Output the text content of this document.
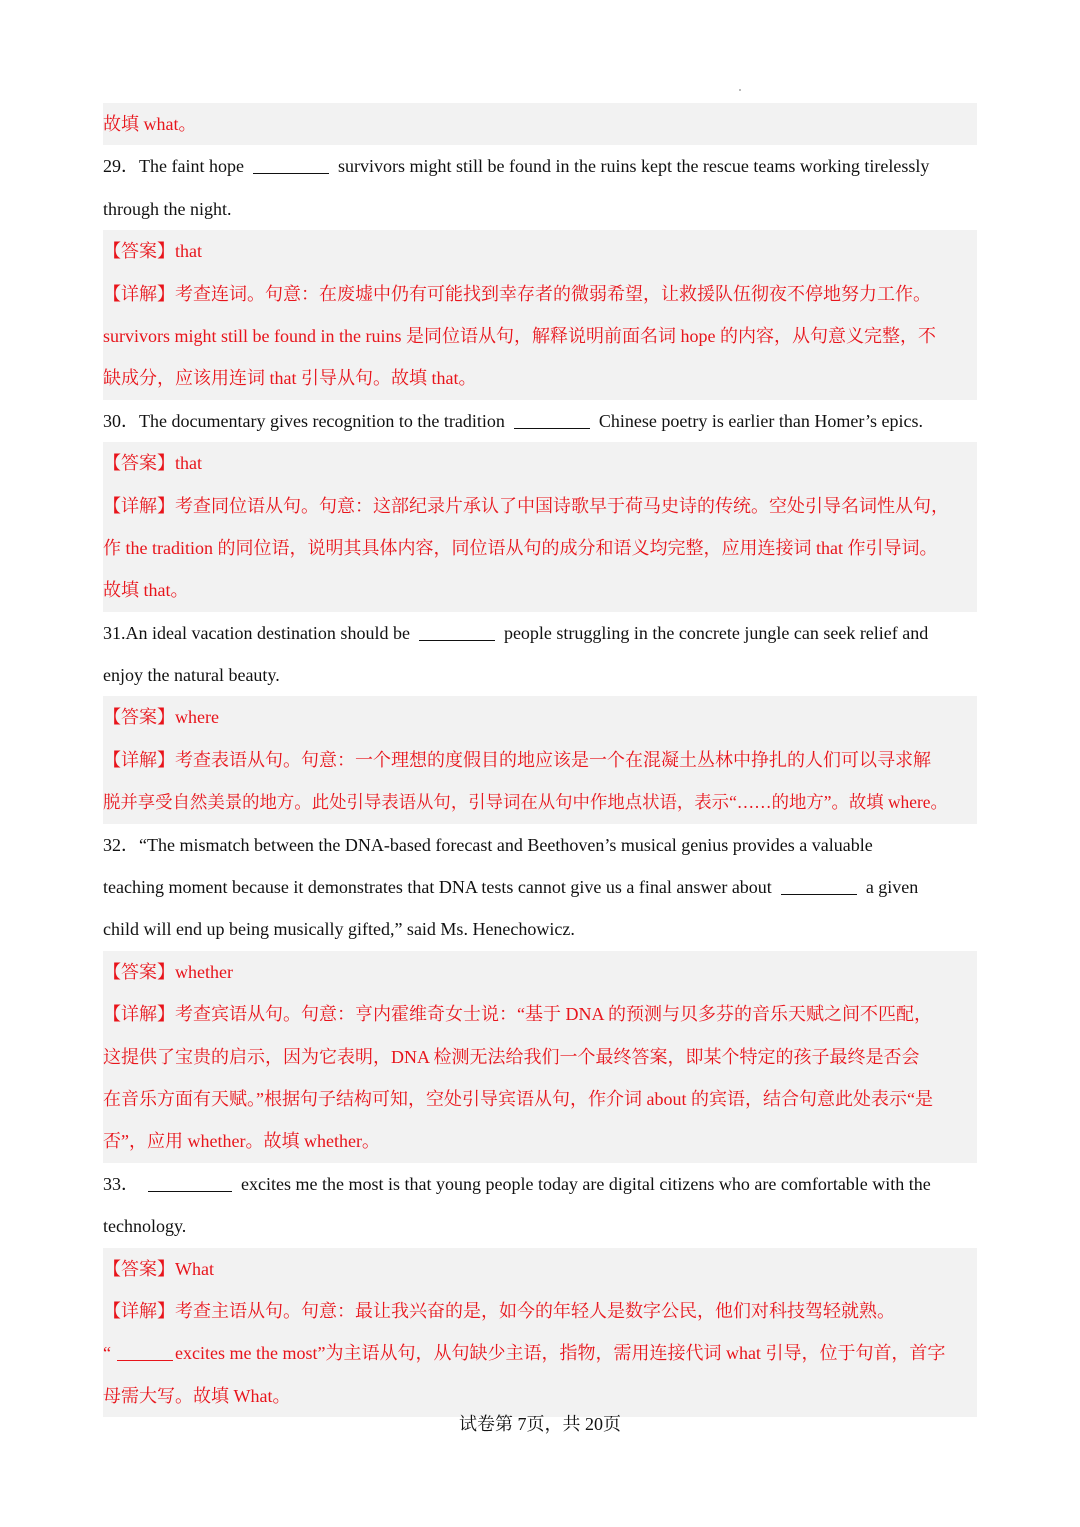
故填 what。
29．The faint hope	survivors might still be found in the ruins kept the rescue teams working tirelessly
through the night.
【答案】that
【详解】考查连词。句意：在废墟中仍有可能找到幸存者的微弱希望，让救援队伍彻夜不停地努力工作。
survivors might still be found in the ruins 是同位语从句，解释说明前面名词 hope 的内容，从句意义完整，不
缺成分，应该用连词 that 引导从句。故填 that。
30．The documentary gives recognition to the tradition	Chinese poetry is earlier than Homer’s epics.
【答案】that
【详解】考查同位语从句。句意：这部纪录片承认了中国诗歌早于荷马史诗的传统。空处引导名词性从句，
作 the tradition 的同位语，说明其具体内容，同位语从句的成分和语义均完整，应用连接词 that 作引导词。
故填 that。
31.An ideal vacation destination should be	people struggling in the concrete jungle can seek relief and
enjoy the natural beauty.
【答案】where
【详解】考查表语从句。句意：一个理想的度假目的地应该是一个在混凝土丛林中挣扎的人们可以寻求解
脱并享受自然美景的地方。此处引导表语从句，引导词在从句中作地点状语，表示“……的地方”。故填 where。
32．“The mismatch between the DNA-based forecast and Beethoven’s musical genius provides a valuable
teaching moment because it demonstrates that DNA tests cannot give us a final answer about	a given
child will end up being musically gifted,” said Ms. Henechowicz.
【答案】whether
【详解】考查宾语从句。句意：亨内霍维奇女士说：“基于 DNA 的预测与贝多芬的音乐天赋之间不匹配，
这提供了宝贵的启示，因为它表明，DNA 检测无法给我们一个最终答案，即某个特定的孩子最终是否会
在音乐方面有天赋。”根据句子结构可知，空处引导宾语从句，作介词 about 的宾语，结合句意此处表示“是
否”，应用 whether。故填 whether。
33．	excites me the most is that young people today are digital citizens who are comfortable with the
technology.
【答案】What
【详解】考查主语从句。句意：最让我兴奋的是，如今的年轻人是数字公民，他们对科技驾轻就熟。
“	excites me the most”为主语从句，从句缺少主语，指物，需用连接代词 what 引导，位于句首，首字
母需大写。故填 What。
试卷第 7页，共 20页
